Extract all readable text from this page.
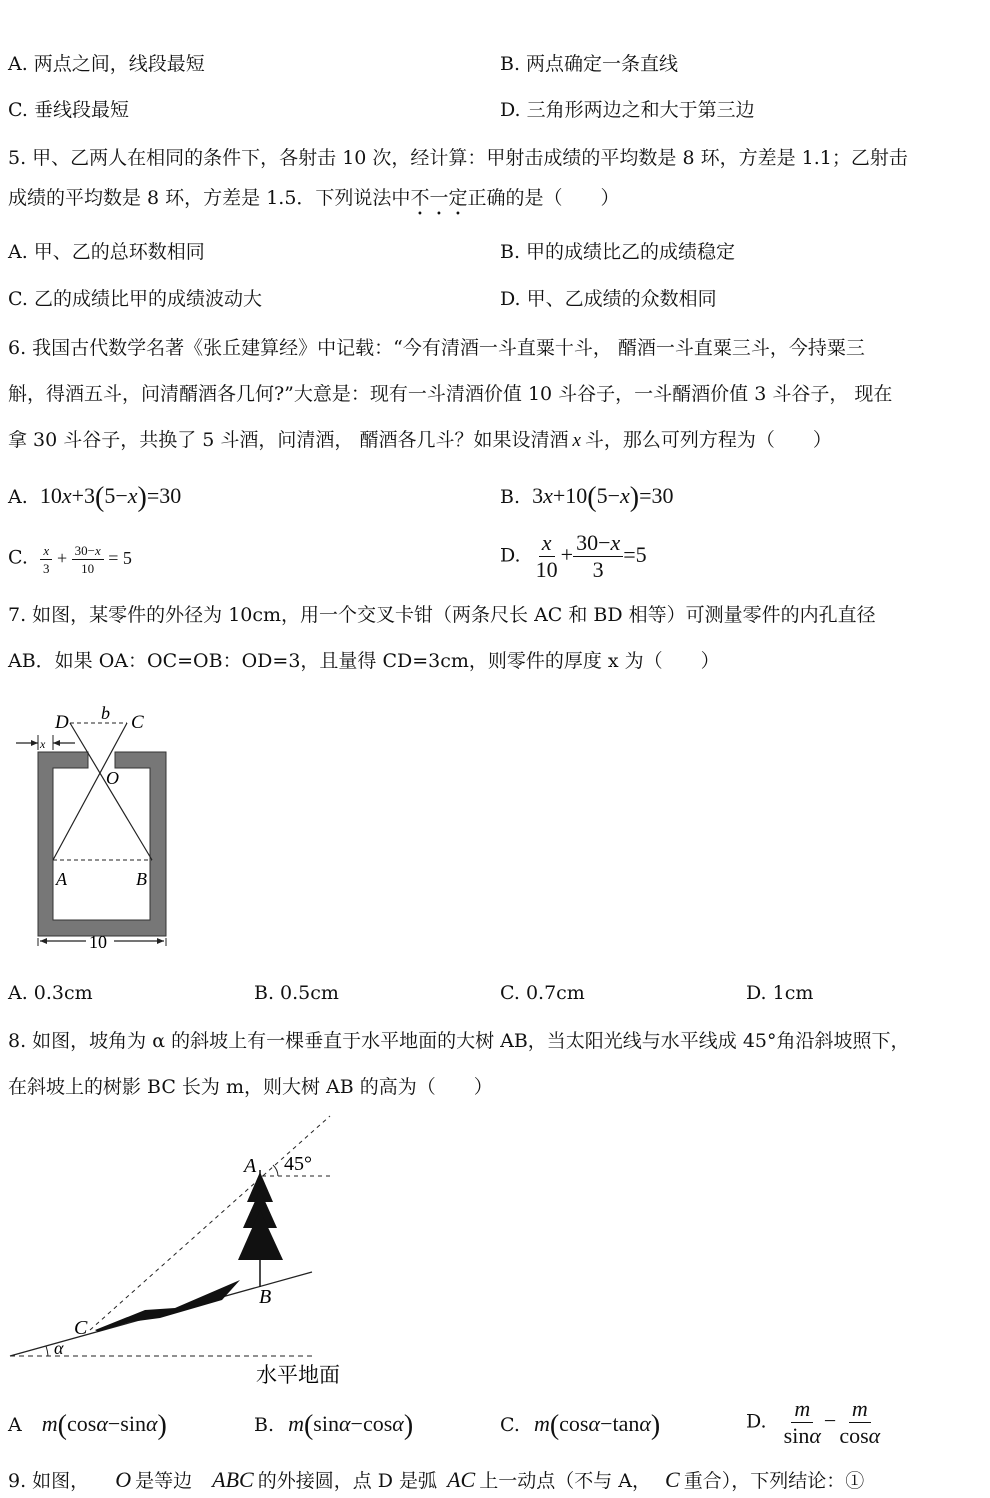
A. 两点之间，线段最短	B. 两点确定一条直线
C. 垂线段最短	D. 三角形两边之和大于第三边
5. 甲、乙两人在相同的条件下，各射击 10 次，经计算：甲射击成绩的平均数是 8 环，方差是 1.1；乙射击
成绩的平均数是 8 环，方差是 1.5．下列说法中不一定正确的是（　　）
A. 甲、乙的总环数相同	B. 甲的成绩比乙的成绩稳定
C. 乙的成绩比甲的成绩波动大	D. 甲、乙成绩的众数相同
6. 我国古代数学名著《张丘建算经》中记载：“今有清酒一斗直粟十斗， 醑酒一斗直粟三斗，今持粟三
斛，得酒五斗，问清醑酒各几何?”大意是：现有一斗清酒价值 10 斗谷子，一斗醑酒价值 3 斗谷子， 现在
拿 30 斗谷子，共换了 5 斗酒，问清酒， 醑酒各几斗？如果设清酒 x 斗，那么可列方程为（　　）
A. 10x+3(5−x)=30	B. 3x+10(5−x)=30
C. $\frac{x}{3} + \frac{30-x}{10} = 5$	D. $\frac{x}{10} + \frac{30-x}{3} =5$
7. 如图，某零件的外径为 10cm，用一个交叉卡钳（两条尺长 AC 和 BD 相等）可测量零件的内孔直径
AB．如果 OA：OC=OB：OD=3，且量得 CD=3cm，则零件的厚度 x 为（　　）
D b C
O
A	B
x
10
A. 0.3cm	B. 0.5cm	C. 0.7cm	D. 1cm
8. 如图，坡角为 α 的斜坡上有一棵垂直于水平地面的大树 AB，当太阳光线与水平线成 45°角沿斜坡照下，
在斜坡上的树影 BC 长为 m，则大树 AB 的高为（　　）
A 45°
B
C
α
水平地面
A m(cosα−sinα)	B. m(sinα−cosα)	C. m(cosα−tanα)	D. $\frac{m}{\sin\alpha} - \frac{m}{\cos\alpha}$
9. 如图， O 是等边 ABC 的外接圆，点 D 是弧 AC 上一动点（不与 A， C 重合），下列结论：①
